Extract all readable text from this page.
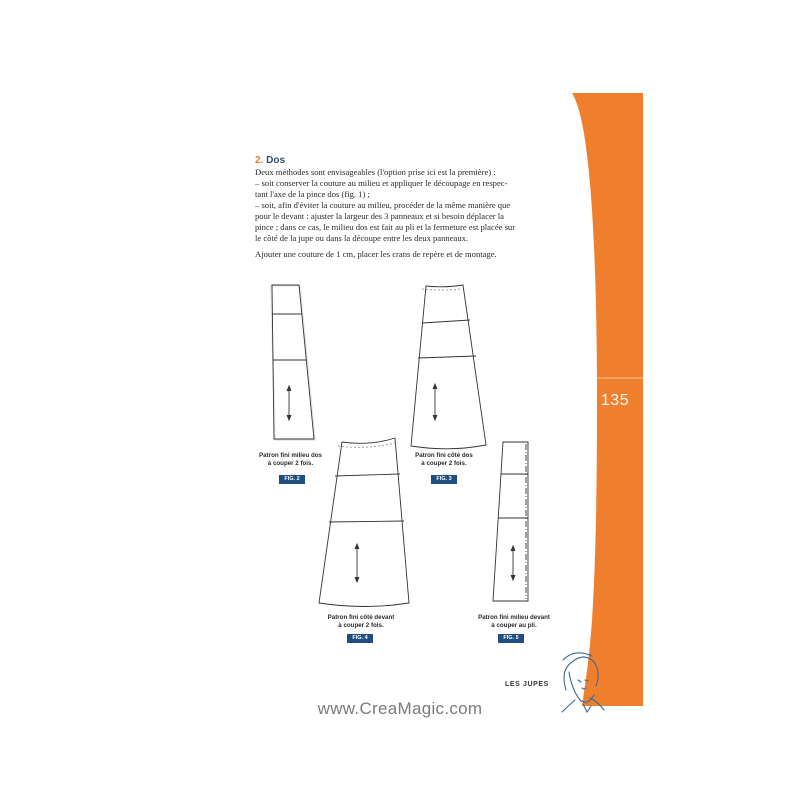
135
2. Dos

Deux méthodes sont envisageables (l'option prise ici est la première) :

– soit conserver la couture au milieu et appliquer le découpage en respec-

tant l'axe de la pince dos (fig. 1) ;

– soit, afin d'éviter la couture au milieu, procéder de la même manière que

pour le devant : ajuster la largeur des 3 panneaux et si besoin déplacer la

pince ; dans ce cas, le milieu dos est fait au pli et la fermeture est placée sur

le côté de la jupe ou dans la découpe entre les deux panneaux.

Ajouter une couture de 1 cm, placer les crans de repère et de montage.

Patron fini milieu dos
à couper 2 fois.
FIG. 2
Patron fini côté dos
à couper 2 fois.
FIG. 3
Patron fini côté devant
à couper 2 fois.
FIG. 4
Patron fini milieu devant
à couper au pli.
FIG. 5
LES JUPES
www.CreaMagic.com
